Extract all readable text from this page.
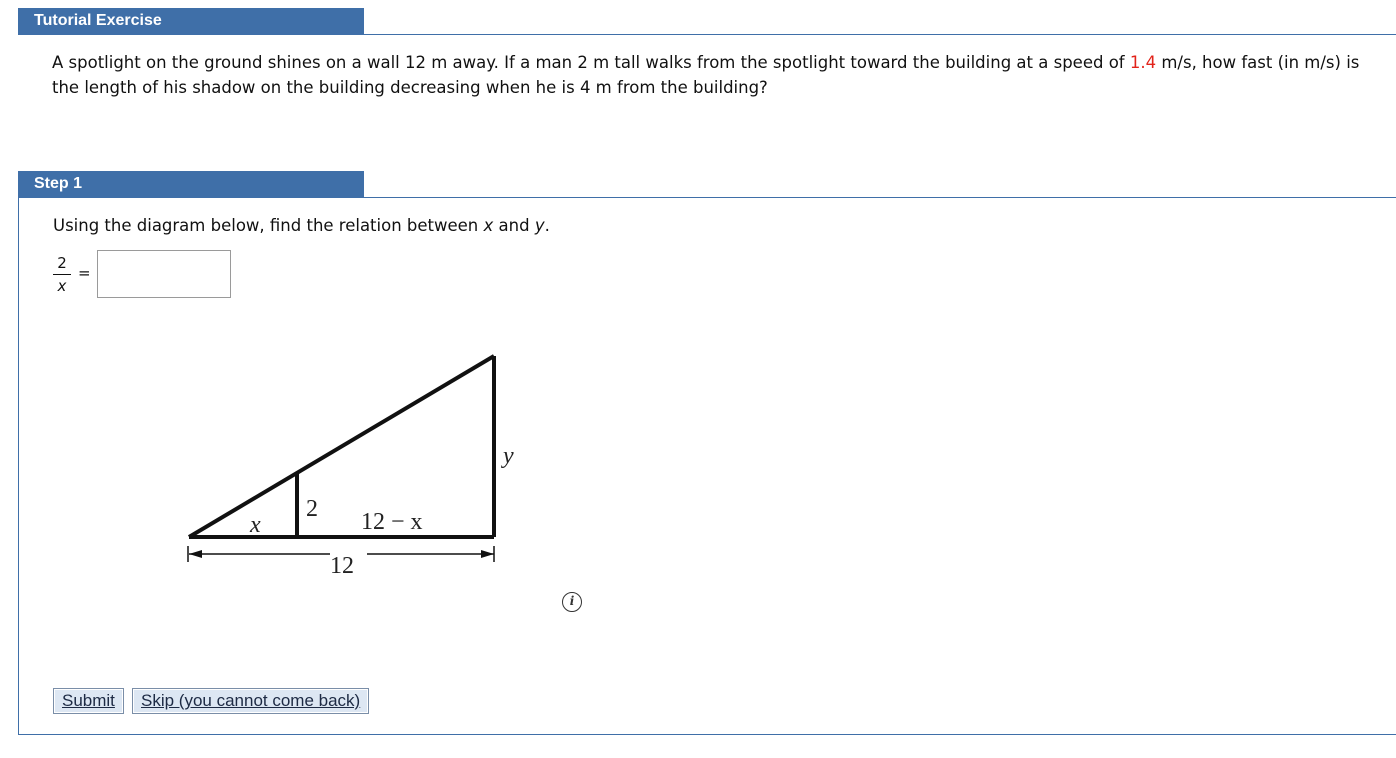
Tutorial Exercise
A spotlight on the ground shines on a wall 12 m away. If a man 2 m tall walks from the spotlight toward the building at a speed of 1.4 m/s, how fast (in m/s) is the length of his shadow on the building decreasing when he is 4 m from the building?
Step 1
Using the diagram below, find the relation between x and y.
2
x
=
x
2 12 − x
y
12
i
Submit	Skip (you cannot come back)
